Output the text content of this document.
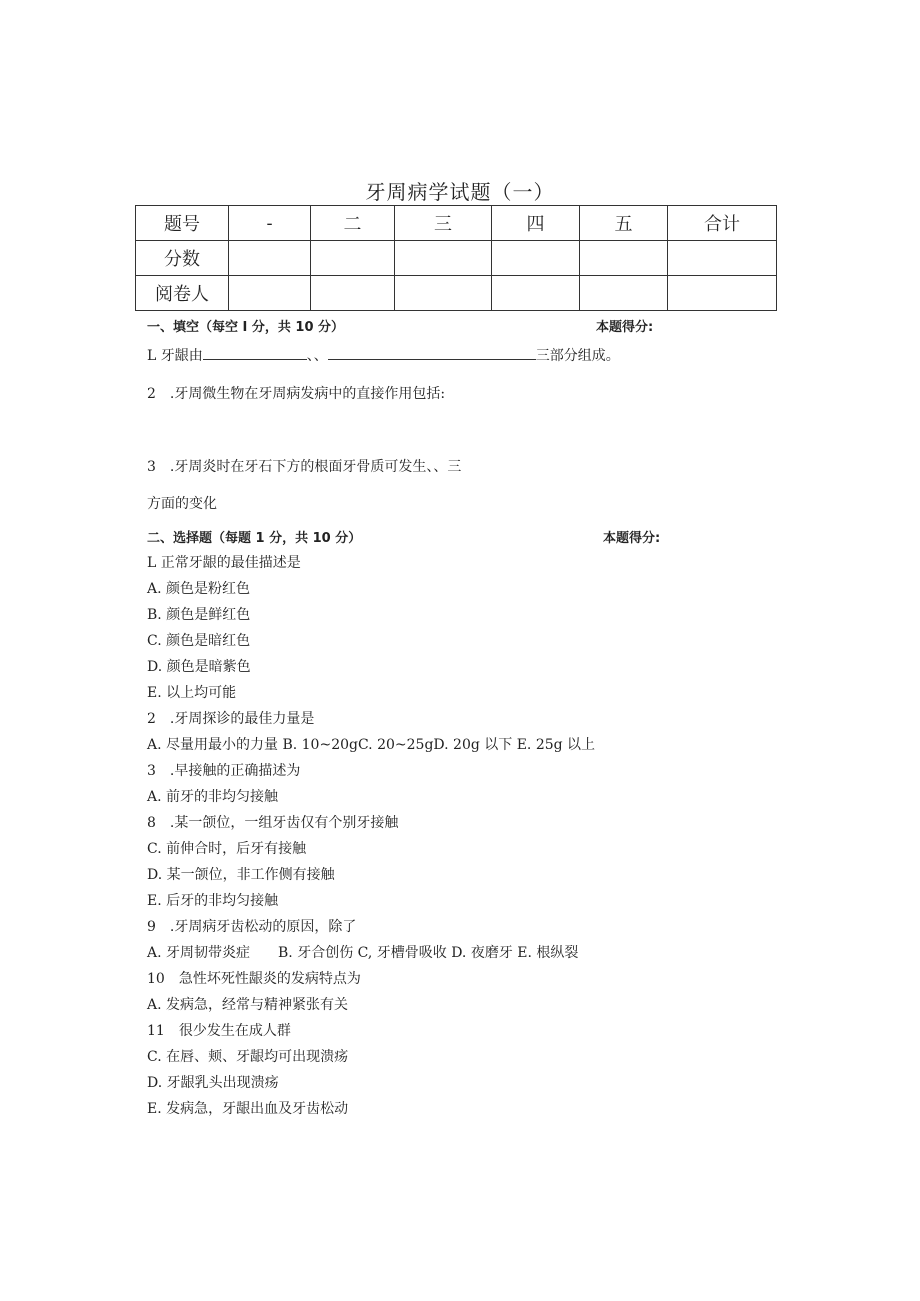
牙周病学试题（一）
题号	-	二	三	四	五	合计
分数						
阅卷人						
一、填空（每空 I 分，共 10 分）	本题得分:
L 牙龈由	、、	三部分组成。
2　.牙周微生物在牙周病发病中的直接作用包括:
3　.牙周炎时在牙石下方的根面牙骨质可发生、、三
方面的变化
二、选择题（每题 1 分，共 10 分）	本题得分:
L 正常牙龈的最佳描述是
A. 颜色是粉红色
B. 颜色是鲜红色
C. 颜色是暗红色
D. 颜色是暗紫色
E. 以上均可能
2　.牙周探诊的最佳力量是
A. 尽量用最小的力量 B. 10~20gC. 20~25gD. 20g 以下 E. 25g 以上
3　.早接触的正确描述为
A. 前牙的非均匀接触
8　.某一颌位，一组牙齿仅有个别牙接触
C. 前伸合时，后牙有接触
D. 某一颌位，非工作侧有接触
E. 后牙的非均匀接触
9　.牙周病牙齿松动的原因，除了
A. 牙周韧带炎症　　B. 牙合创伤 C, 牙槽骨吸收 D. 夜磨牙 E. 根纵裂
10　急性坏死性龈炎的发病特点为
A. 发病急，经常与精神紧张有关
11　很少发生在成人群
C. 在唇、颊、牙龈均可出现溃疡
D. 牙龈乳头出现溃疡
E. 发病急，牙龈出血及牙齿松动
